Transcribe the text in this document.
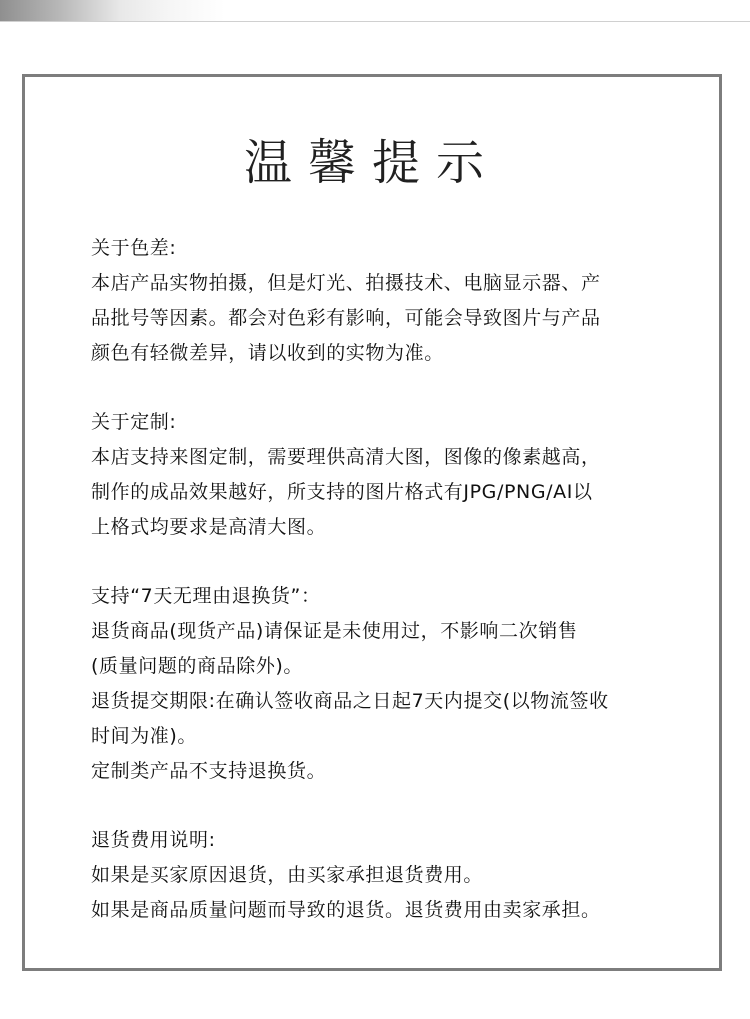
温馨提示
关于色差:
本店产品实物拍摄，但是灯光、拍摄技术、电脑显示器、产
品批号等因素。都会对色彩有影响，可能会导致图片与产品
颜色有轻微差异，请以收到的实物为准。
关于定制:
本店支持来图定制，需要理供高清大图，图像的像素越高，
制作的成品效果越好，所支持的图片格式有JPG/PNG/AI以
上格式均要求是高清大图。
支持“7天无理由退换货”：
退货商品(现货产品)请保证是未使用过，不影响二次销售
(质量问题的商品除外)。
退货提交期限:在确认签收商品之日起7天内提交(以物流签收
时间为准)。
定制类产品不支持退换货。
退货费用说明:
如果是买家原因退货，由买家承担退货费用。
如果是商品质量问题而导致的退货。退货费用由卖家承担。
